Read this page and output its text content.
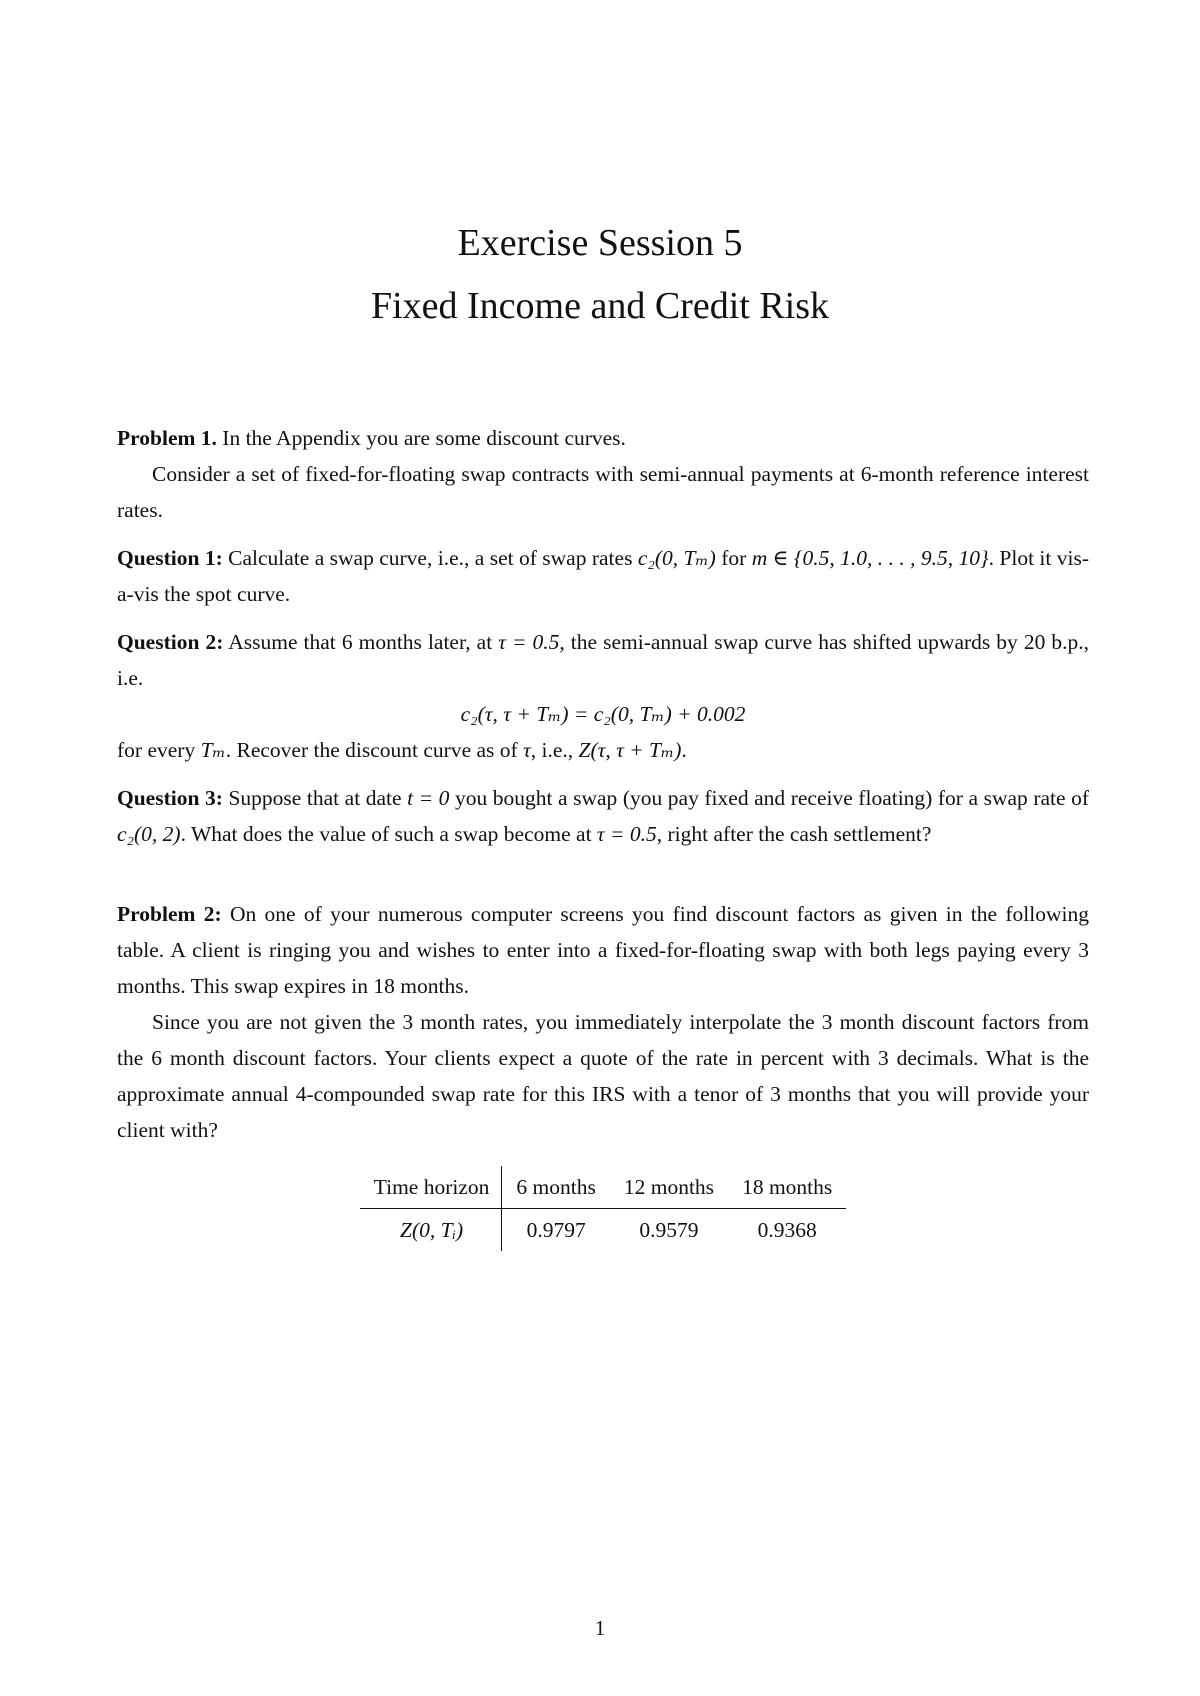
Exercise Session 5

Fixed Income and Credit Risk

Problem 1. In the Appendix you are some discount curves.

Consider a set of fixed-for-floating swap contracts with semi-annual payments at 6-month reference interest rates.

Question 1: Calculate a swap curve, i.e., a set of swap rates c₂(0, Tₘ) for m ∈ {0.5, 1.0, . . . , 9.5, 10}. Plot it vis-a-vis the spot curve.

Question 2: Assume that 6 months later, at τ = 0.5, the semi-annual swap curve has shifted upwards by 20 b.p., i.e.

c₂(τ, τ + Tₘ) = c₂(0, Tₘ) + 0.002

for every Tₘ. Recover the discount curve as of τ, i.e., Z(τ, τ + Tₘ).

Question 3: Suppose that at date t = 0 you bought a swap (you pay fixed and receive floating) for a swap rate of c₂(0, 2). What does the value of such a swap become at τ = 0.5, right after the cash settlement?

Problem 2: On one of your numerous computer screens you find discount factors as given in the following table. A client is ringing you and wishes to enter into a fixed-for-floating swap with both legs paying every 3 months. This swap expires in 18 months.

Since you are not given the 3 month rates, you immediately interpolate the 3 month discount factors from the 6 month discount factors. Your clients expect a quote of the rate in percent with 3 decimals. What is the approximate annual 4-compounded swap rate for this IRS with a tenor of 3 months that you will provide your client with?

Time horizon	6 months	12 months	18 months
Z(0, Tᵢ)	0.9797	0.9579	0.9368
1
